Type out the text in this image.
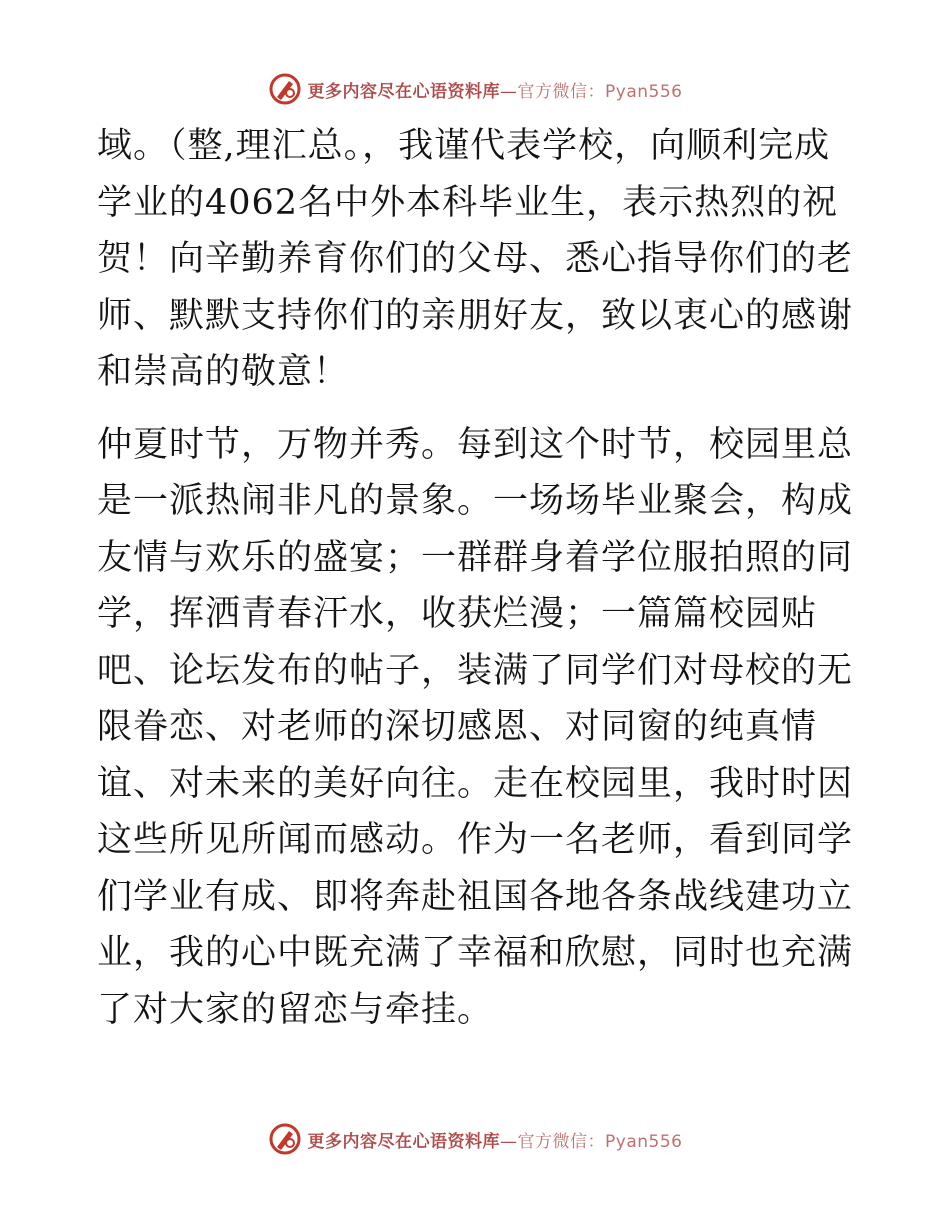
更多内容尽在心语资料库—官方微信：Pyan556

域。（整,理汇总。，我谨代表学校，向顺利完成学业的4062名中外本科毕业生，表示热烈的祝贺！向辛勤养育你们的父母、悉心指导你们的老师、默默支持你们的亲朋好友，致以衷心的感谢和崇高的敬意！

仲夏时节，万物并秀。每到这个时节，校园里总是一派热闹非凡的景象。一场场毕业聚会，构成友情与欢乐的盛宴；一群群身着学位服拍照的同学，挥洒青春汗水，收获烂漫；一篇篇校园贴吧、论坛发布的帖子，装满了同学们对母校的无限眷恋、对老师的深切感恩、对同窗的纯真情谊、对未来的美好向往。走在校园里，我时时因这些所见所闻而感动。作为一名老师，看到同学们学业有成、即将奔赴祖国各地各条战线建功立业，我的心中既充满了幸福和欣慰，同时也充满了对大家的留恋与牵挂。

更多内容尽在心语资料库—官方微信：Pyan556
